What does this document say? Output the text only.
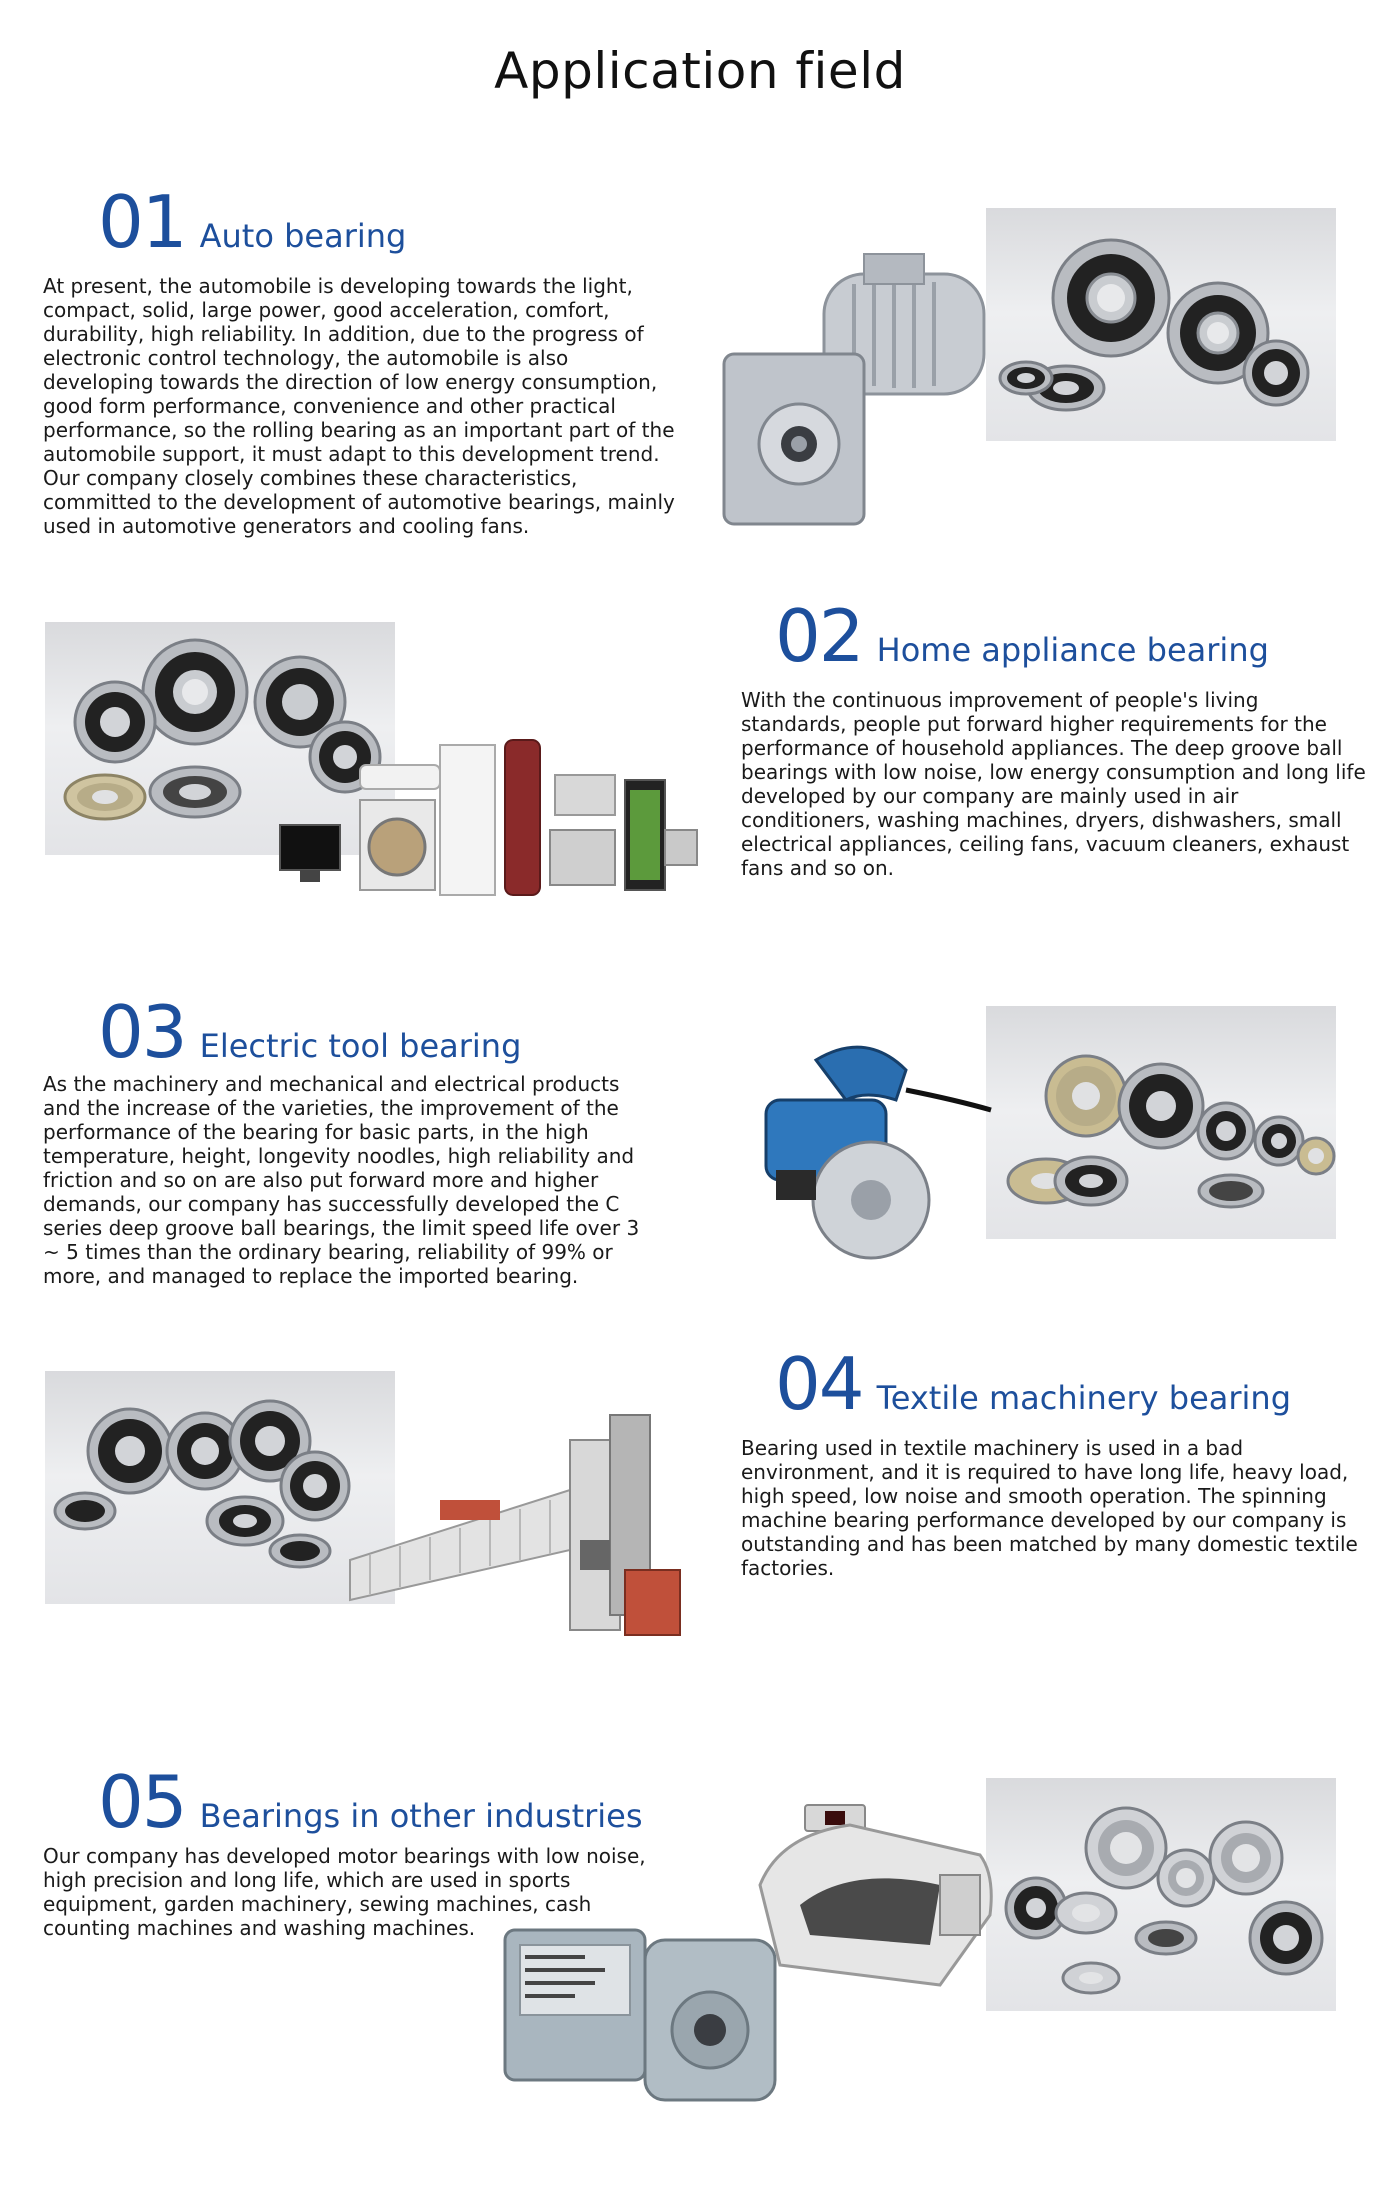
Application field
01 Auto bearing
At present, the automobile is developing towards the light, compact, solid, large power, good acceleration, comfort, durability, high reliability. In addition, due to the progress of electronic control technology, the automobile is also developing towards the direction of low energy consumption, good form performance, convenience and other practical performance, so the rolling bearing as an important part of the automobile support, it must adapt to this development trend. Our company closely combines these characteristics, committed to the development of automotive bearings, mainly used in automotive generators and cooling fans.
02 Home appliance bearing
With the continuous improvement of people's living standards, people put forward higher requirements for the performance of household appliances. The deep groove ball bearings with low noise, low energy consumption and long life developed by our company are mainly used in air conditioners, washing machines, dryers, dishwashers, small electrical appliances, ceiling fans, vacuum cleaners, exhaust fans and so on.
03 Electric tool bearing
As the machinery and mechanical and electrical products and the increase of the varieties, the improvement of the performance of the bearing for basic parts, in the high temperature, height, longevity noodles, high reliability and friction and so on are also put forward more and higher demands, our company has successfully developed the C series deep groove ball bearings, the limit speed life over 3 ~ 5 times than the ordinary bearing, reliability of 99% or more, and managed to replace the imported bearing.
04 Textile machinery bearing
Bearing used in textile machinery is used in a bad environment, and it is required to have long life, heavy load, high speed, low noise and smooth operation. The spinning machine bearing performance developed by our company is outstanding and has been matched by many domestic textile factories.
05 Bearings in other industries
Our company has developed motor bearings with low noise, high precision and long life, which are used in sports equipment, garden machinery, sewing machines, cash counting machines and washing machines.
